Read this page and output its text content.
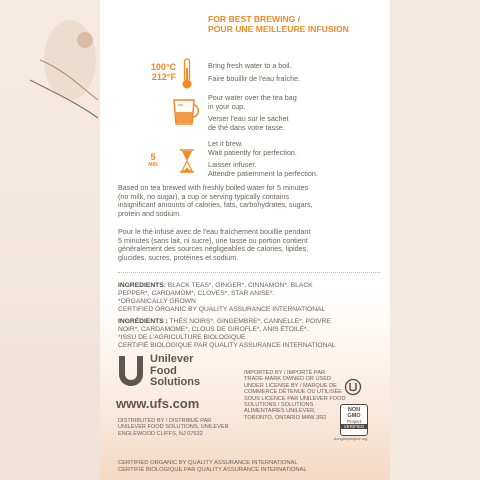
FOR BEST BREWING /
POUR UNE MEILLEURE INFUSION
100°C
212°F
Bring fresh water to a boil.
Faire bouillir de l'eau fraîche.
Pour water over the tea bag
in your cup.
Verser l'eau sur le sachet
de thé dans votre tasse.
5
MIN
Let it brew.
Wait patiently for perfection.
Laisser infuser.
Attendre patiemment la perfection.
Based on tea brewed with freshly boiled water for 5 minutes
(no milk, no sugar), a cup or serving typically contains
insignificant amounts of calories, fats, carbohydrates, sugars,
protein and sodium.
Pour le thé infusé avec de l'eau fraîchement bouillie pendant
5 minutes (sans lait, ni sucre), une tasse ou portion contient
généralement des sources négligeables de calories, lipides,
glucides, sucres, protéines et sodium.
INGREDIENTS: BLACK TEAS*, GINGER*, CINNAMON*, BLACK
PEPPER*, CARDAMOM*, CLOVES*, STAR ANISE*.
*ORGANICALLY GROWN
CERTIFIED ORGANIC BY QUALITY ASSURANCE INTERNATIONAL
INGRÉDIENTS : THÉS NOIRS*, GINGEMBRE*, CANNELLE*, POIVRE
NOIR*, CARDAMOME*, CLOUS DE GIROFLE*, ANIS ÉTOILÉ*.
*ISSU DE L'AGRICULTURE BIOLOGIQUE
CERTIFIÉ BIOLOGIQUE PAR QUALITY ASSURANCE INTERNATIONAL
Unilever
Food
Solutions
www.ufs.com
DISTRIBUTED BY / DISTRIBUÉ PAR
UNILEVER FOOD SOLUTIONS, UNILEVER
ENGLEWOOD CLIFFS, NJ 07632
IMPORTED BY / IMPORTÉ PAR
TRADE-MARK OWNED OR USED
UNDER LICENSE BY / MARQUE DE
COMMERCE DÉTENUE OU UTILISÉE
SOUS LICENCE PAR UNILEVER FOOD
SOLUTIONS / SOLUTIONS
ALIMENTAIRES UNILEVER,
TORONTO, ONTARIO M4W 3R2
NON
GMO
Project
VERIFIED
nongmoproject.org
CERTIFIED ORGANIC BY QUALITY ASSURANCE INTERNATIONAL
CERTIFIÉ BIOLOGIQUE PAR QUALITY ASSURANCE INTERNATIONAL
